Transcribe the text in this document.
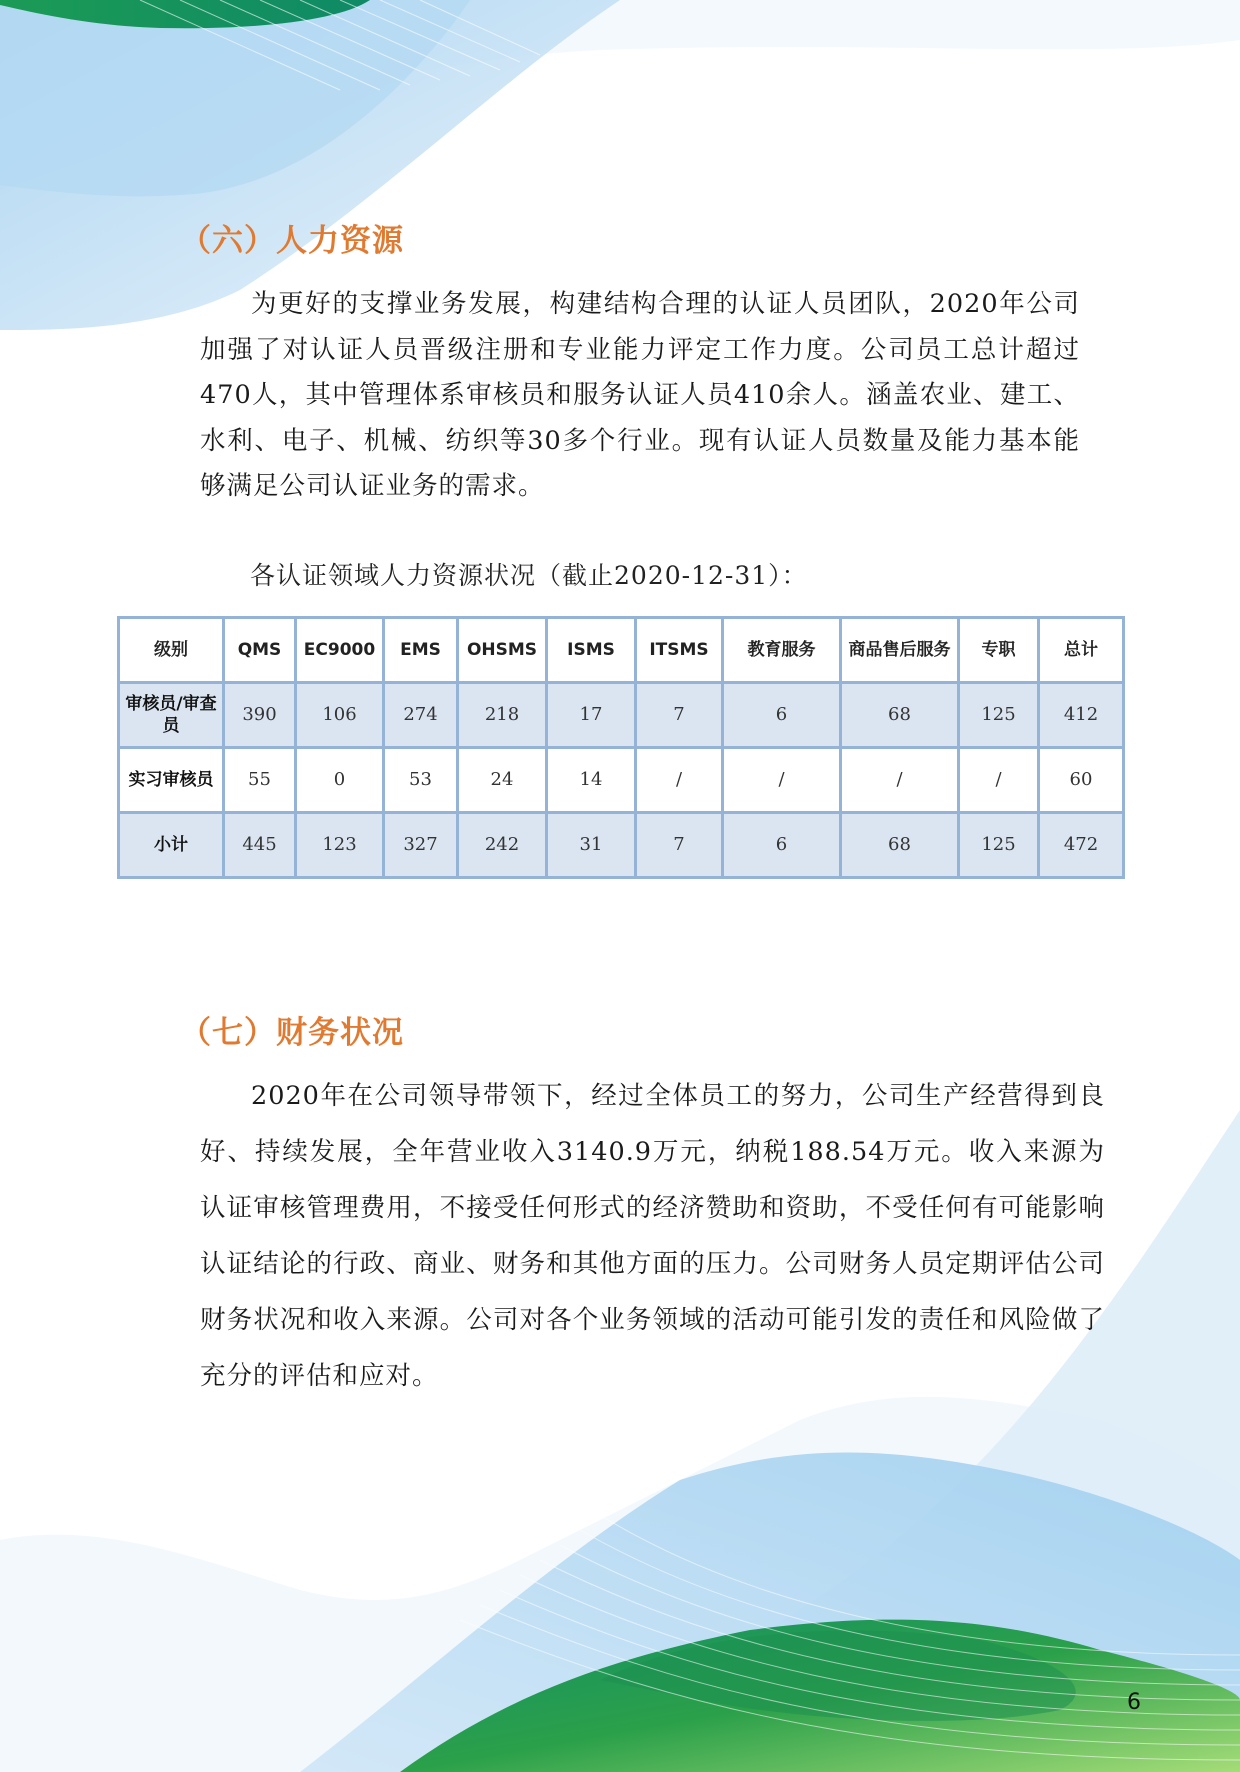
（六）人力资源
为更好的支撑业务发展，构建结构合理的认证人员团队，2020年公司加强了对认证人员晋级注册和专业能力评定工作力度。公司员工总计超过470人，其中管理体系审核员和服务认证人员410余人。涵盖农业、建工、水利、电子、机械、纺织等30多个行业。现有认证人员数量及能力基本能够满足公司认证业务的需求。
各认证领域人力资源状况（截止2020-12-31）：
级别	QMS	EC9000	EMS	OHSMS	ISMS	ITSMS	教育服务	商品售后服务	专职	总计
审核员/审查员	390	106	274	218	17	7	6	68	125	412
实习审核员	55	0	53	24	14	/	/	/	/	60
小计	445	123	327	242	31	7	6	68	125	472
（七）财务状况
2020年在公司领导带领下，经过全体员工的努力，公司生产经营得到良好、持续发展，全年营业收入3140.9万元，纳税188.54万元。收入来源为认证审核管理费用，不接受任何形式的经济赞助和资助，不受任何有可能影响认证结论的行政、商业、财务和其他方面的压力。公司财务人员定期评估公司财务状况和收入来源。公司对各个业务领域的活动可能引发的责任和风险做了充分的评估和应对。
6
